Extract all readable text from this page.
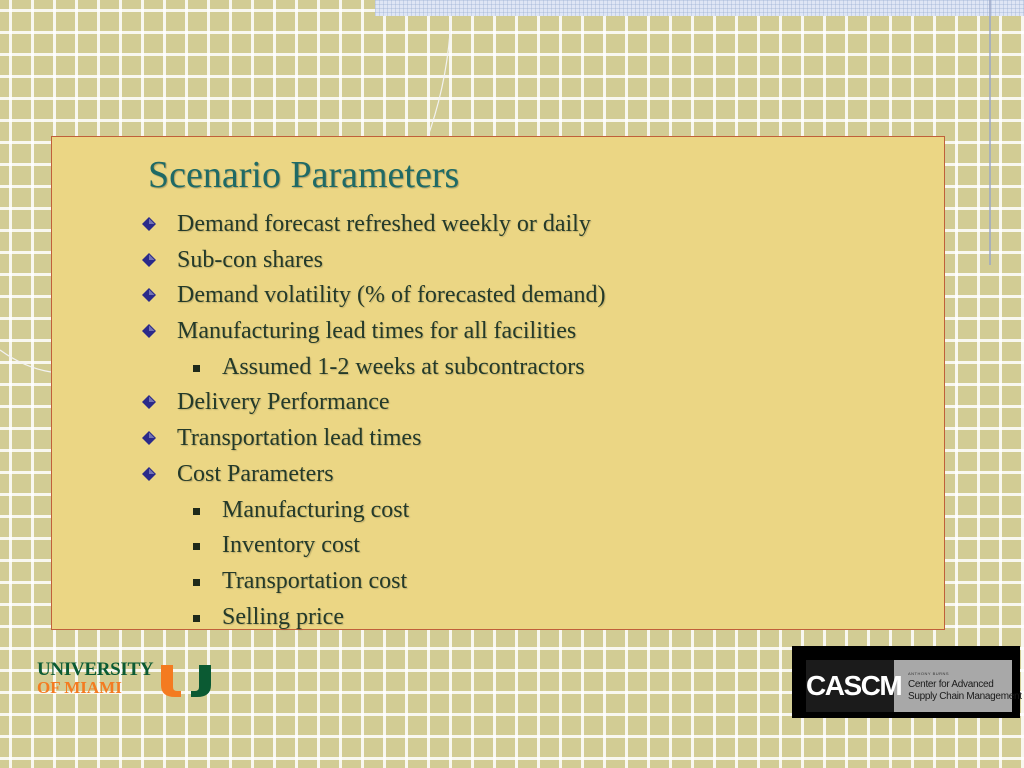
Scenario Parameters
Demand forecast refreshed weekly or daily
Sub-con shares
Demand volatility (% of forecasted demand)
Manufacturing lead times for all facilities
Assumed 1-2 weeks at subcontractors
Delivery Performance
Transportation lead times
Cost Parameters
Manufacturing cost
Inventory cost
Transportation cost
Selling price
UNIVERSITY
OF MIAMI	CASCM ANTHONY BURNS
Center for Advanced
Supply Chain Management
